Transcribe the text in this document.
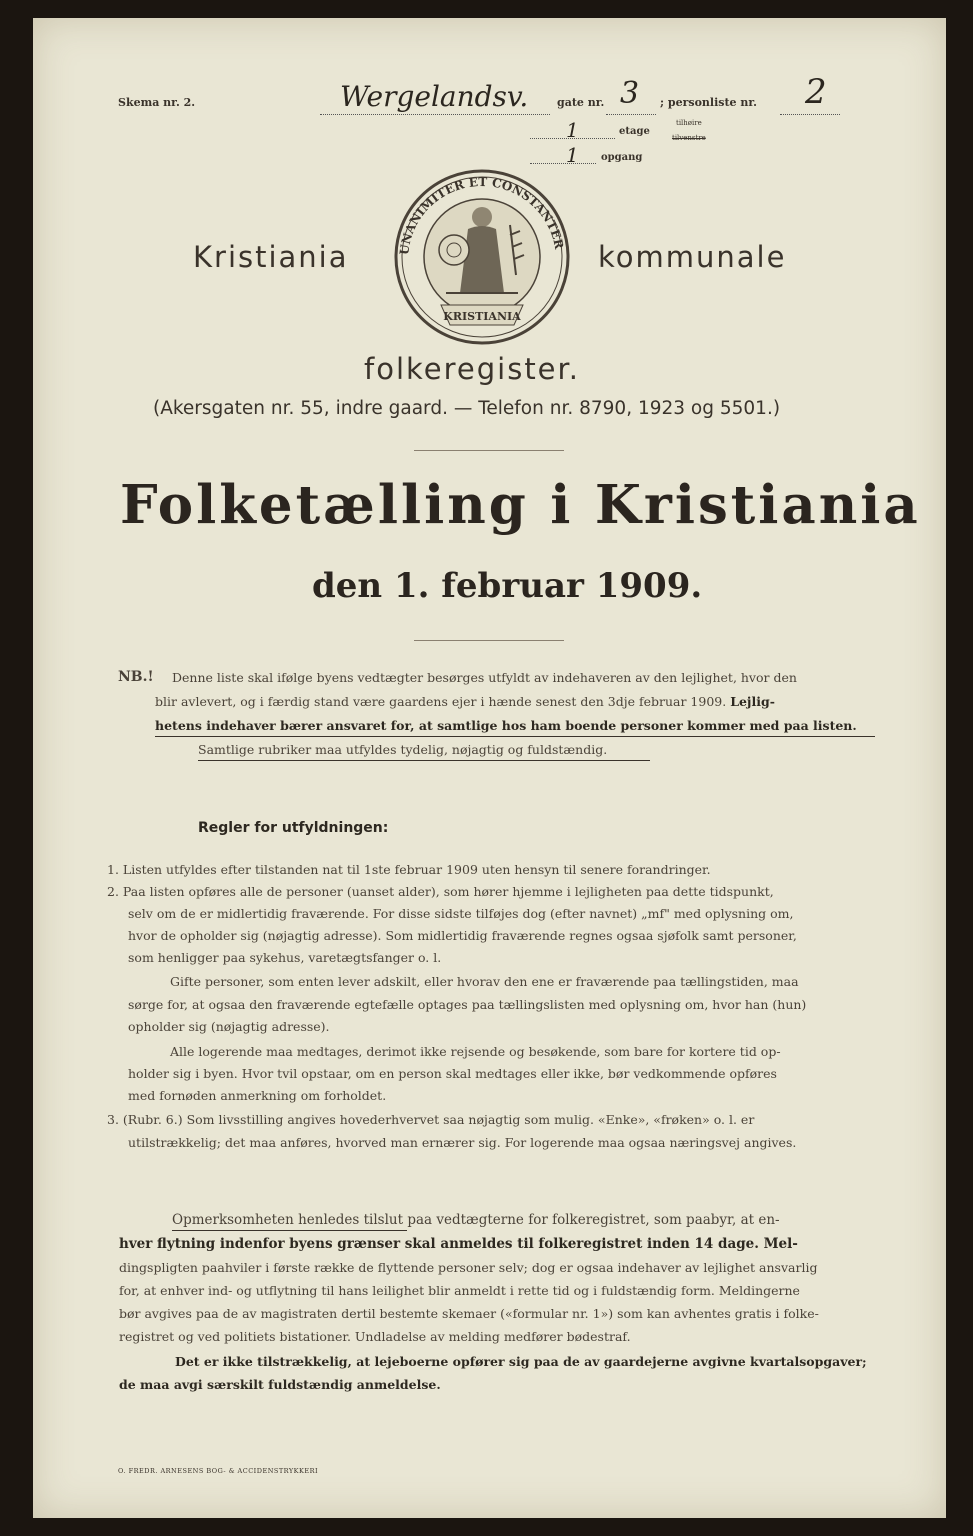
Skema nr. 2.	Wergelandsv.	gate nr. 3 ; personliste nr. 2
1	etage
tilhøire
tilvenstre
1 opgang
UNANIMITER ET CONSTANTER
KRISTIANIA
Kristiania	kommunale
folkeregister.
(Akersgaten nr. 55, indre gaard. — Telefon nr. 8790, 1923 og 5501.)
Folketælling i Kristiania
den 1. februar 1909.
NB.! Denne liste skal ifølge byens vedtægter besørges utfyldt av indehaveren av den lejlighet, hvor den
blir avlevert, og i færdig stand være gaardens ejer i hænde senest den 3dje februar 1909. Lejlig-
hetens indehaver bærer ansvaret for, at samtlige hos ham boende personer kommer med paa listen.
Samtlige rubriker maa utfyldes tydelig, nøjagtig og fuldstændig.
Regler for utfyldningen:
1. Listen utfyldes efter tilstanden nat til 1ste februar 1909 uten hensyn til senere forandringer.
2. Paa listen opføres alle de personer (uanset alder), som hører hjemme i lejligheten paa dette tidspunkt,
selv om de er midlertidig fraværende. For disse sidste tilføjes dog (efter navnet) „mf" med oplysning om,
hvor de opholder sig (nøjagtig adresse). Som midlertidig fraværende regnes ogsaa sjøfolk samt personer,
som henligger paa sykehus, varetægtsfanger o. l.
Gifte personer, som enten lever adskilt, eller hvorav den ene er fraværende paa tællingstiden, maa
sørge for, at ogsaa den fraværende egtefælle optages paa tællingslisten med oplysning om, hvor han (hun)
opholder sig (nøjagtig adresse).
Alle logerende maa medtages, derimot ikke rejsende og besøkende, som bare for kortere tid op-
holder sig i byen. Hvor tvil opstaar, om en person skal medtages eller ikke, bør vedkommende opføres
med fornøden anmerkning om forholdet.
3. (Rubr. 6.) Som livsstilling angives hovederhvervet saa nøjagtig som mulig. «Enke», «frøken» o. l. er
utilstrækkelig; det maa anføres, hvorved man ernærer sig. For logerende maa ogsaa næringsvej angives.
Opmerksomheten henledes tilslut paa vedtægterne for folkeregistret, som paabyr, at en-
hver flytning indenfor byens grænser skal anmeldes til folkeregistret inden 14 dage. Mel-
dingspligten paahviler i første række de flyttende personer selv; dog er ogsaa indehaver av lejlighet ansvarlig
for, at enhver ind- og utflytning til hans leilighet blir anmeldt i rette tid og i fuldstændig form. Meldingerne
bør avgives paa de av magistraten dertil bestemte skemaer («formular nr. 1») som kan avhentes gratis i folke-
registret og ved politiets bistationer. Undladelse av melding medfører bødestraf.
Det er ikke tilstrækkelig, at lejeboerne opfører sig paa de av gaardejerne avgivne kvartalsopgaver;
de maa avgi særskilt fuldstændig anmeldelse.
O. FREDR. ARNESENS BOG- & ACCIDENSTRYKKERI
